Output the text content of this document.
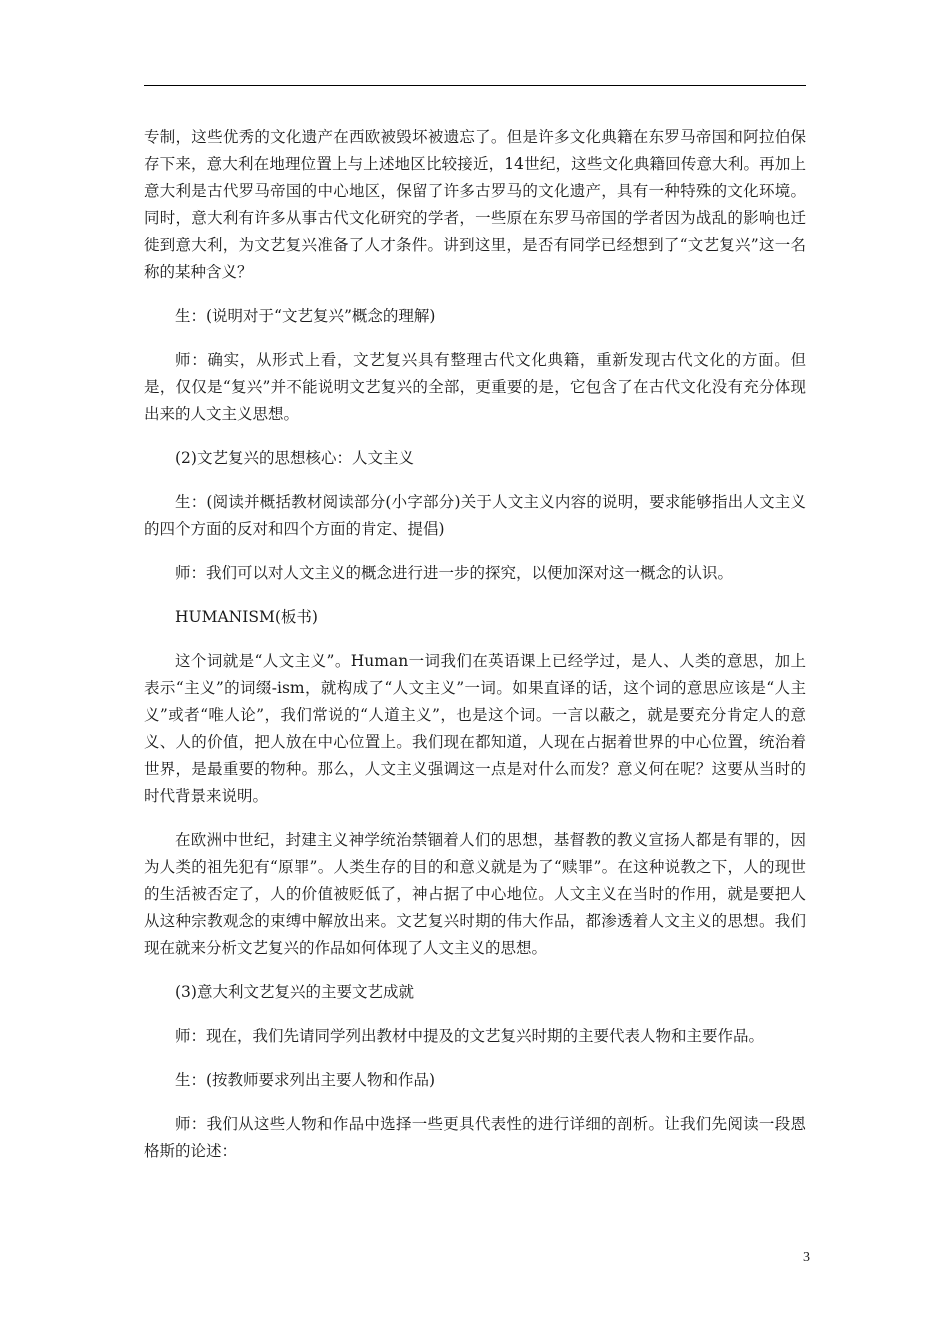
专制，这些优秀的文化遗产在西欧被毁坏被遗忘了。但是许多文化典籍在东罗马帝国和阿拉伯保存下来，意大利在地理位置上与上述地区比较接近，14世纪，这些文化典籍回传意大利。再加上意大利是古代罗马帝国的中心地区，保留了许多古罗马的文化遗产，具有一种特殊的文化环境。同时，意大利有许多从事古代文化研究的学者，一些原在东罗马帝国的学者因为战乱的影响也迁徙到意大利，为文艺复兴准备了人才条件。讲到这里，是否有同学已经想到了“文艺复兴”这一名称的某种含义？

生：(说明对于“文艺复兴”概念的理解)

师：确实，从形式上看，文艺复兴具有整理古代文化典籍，重新发现古代文化的方面。但是，仅仅是“复兴”并不能说明文艺复兴的全部，更重要的是，它包含了在古代文化没有充分体现出来的人文主义思想。

(2)文艺复兴的思想核心：人文主义

生：(阅读并概括教材阅读部分(小字部分)关于人文主义内容的说明，要求能够指出人文主义的四个方面的反对和四个方面的肯定、提倡)

师：我们可以对人文主义的概念进行进一步的探究，以便加深对这一概念的认识。

HUMANISM(板书)

这个词就是“人文主义”。Human一词我们在英语课上已经学过，是人、人类的意思，加上表示“主义”的词缀-ism，就构成了“人文主义”一词。如果直译的话，这个词的意思应该是“人主义”或者“唯人论”，我们常说的“人道主义”，也是这个词。一言以蔽之，就是要充分肯定人的意义、人的价值，把人放在中心位置上。我们现在都知道，人现在占据着世界的中心位置，统治着世界，是最重要的物种。那么，人文主义强调这一点是对什么而发？意义何在呢？这要从当时的时代背景来说明。

在欧洲中世纪，封建主义神学统治禁锢着人们的思想，基督教的教义宣扬人都是有罪的，因为人类的祖先犯有“原罪”。人类生存的目的和意义就是为了“赎罪”。在这种说教之下，人的现世的生活被否定了，人的价值被贬低了，神占据了中心地位。人文主义在当时的作用，就是要把人从这种宗教观念的束缚中解放出来。文艺复兴时期的伟大作品，都渗透着人文主义的思想。我们现在就来分析文艺复兴的作品如何体现了人文主义的思想。

(3)意大利文艺复兴的主要文艺成就

师：现在，我们先请同学列出教材中提及的文艺复兴时期的主要代表人物和主要作品。

生：(按教师要求列出主要人物和作品)

师：我们从这些人物和作品中选择一些更具代表性的进行详细的剖析。让我们先阅读一段恩格斯的论述：

3
